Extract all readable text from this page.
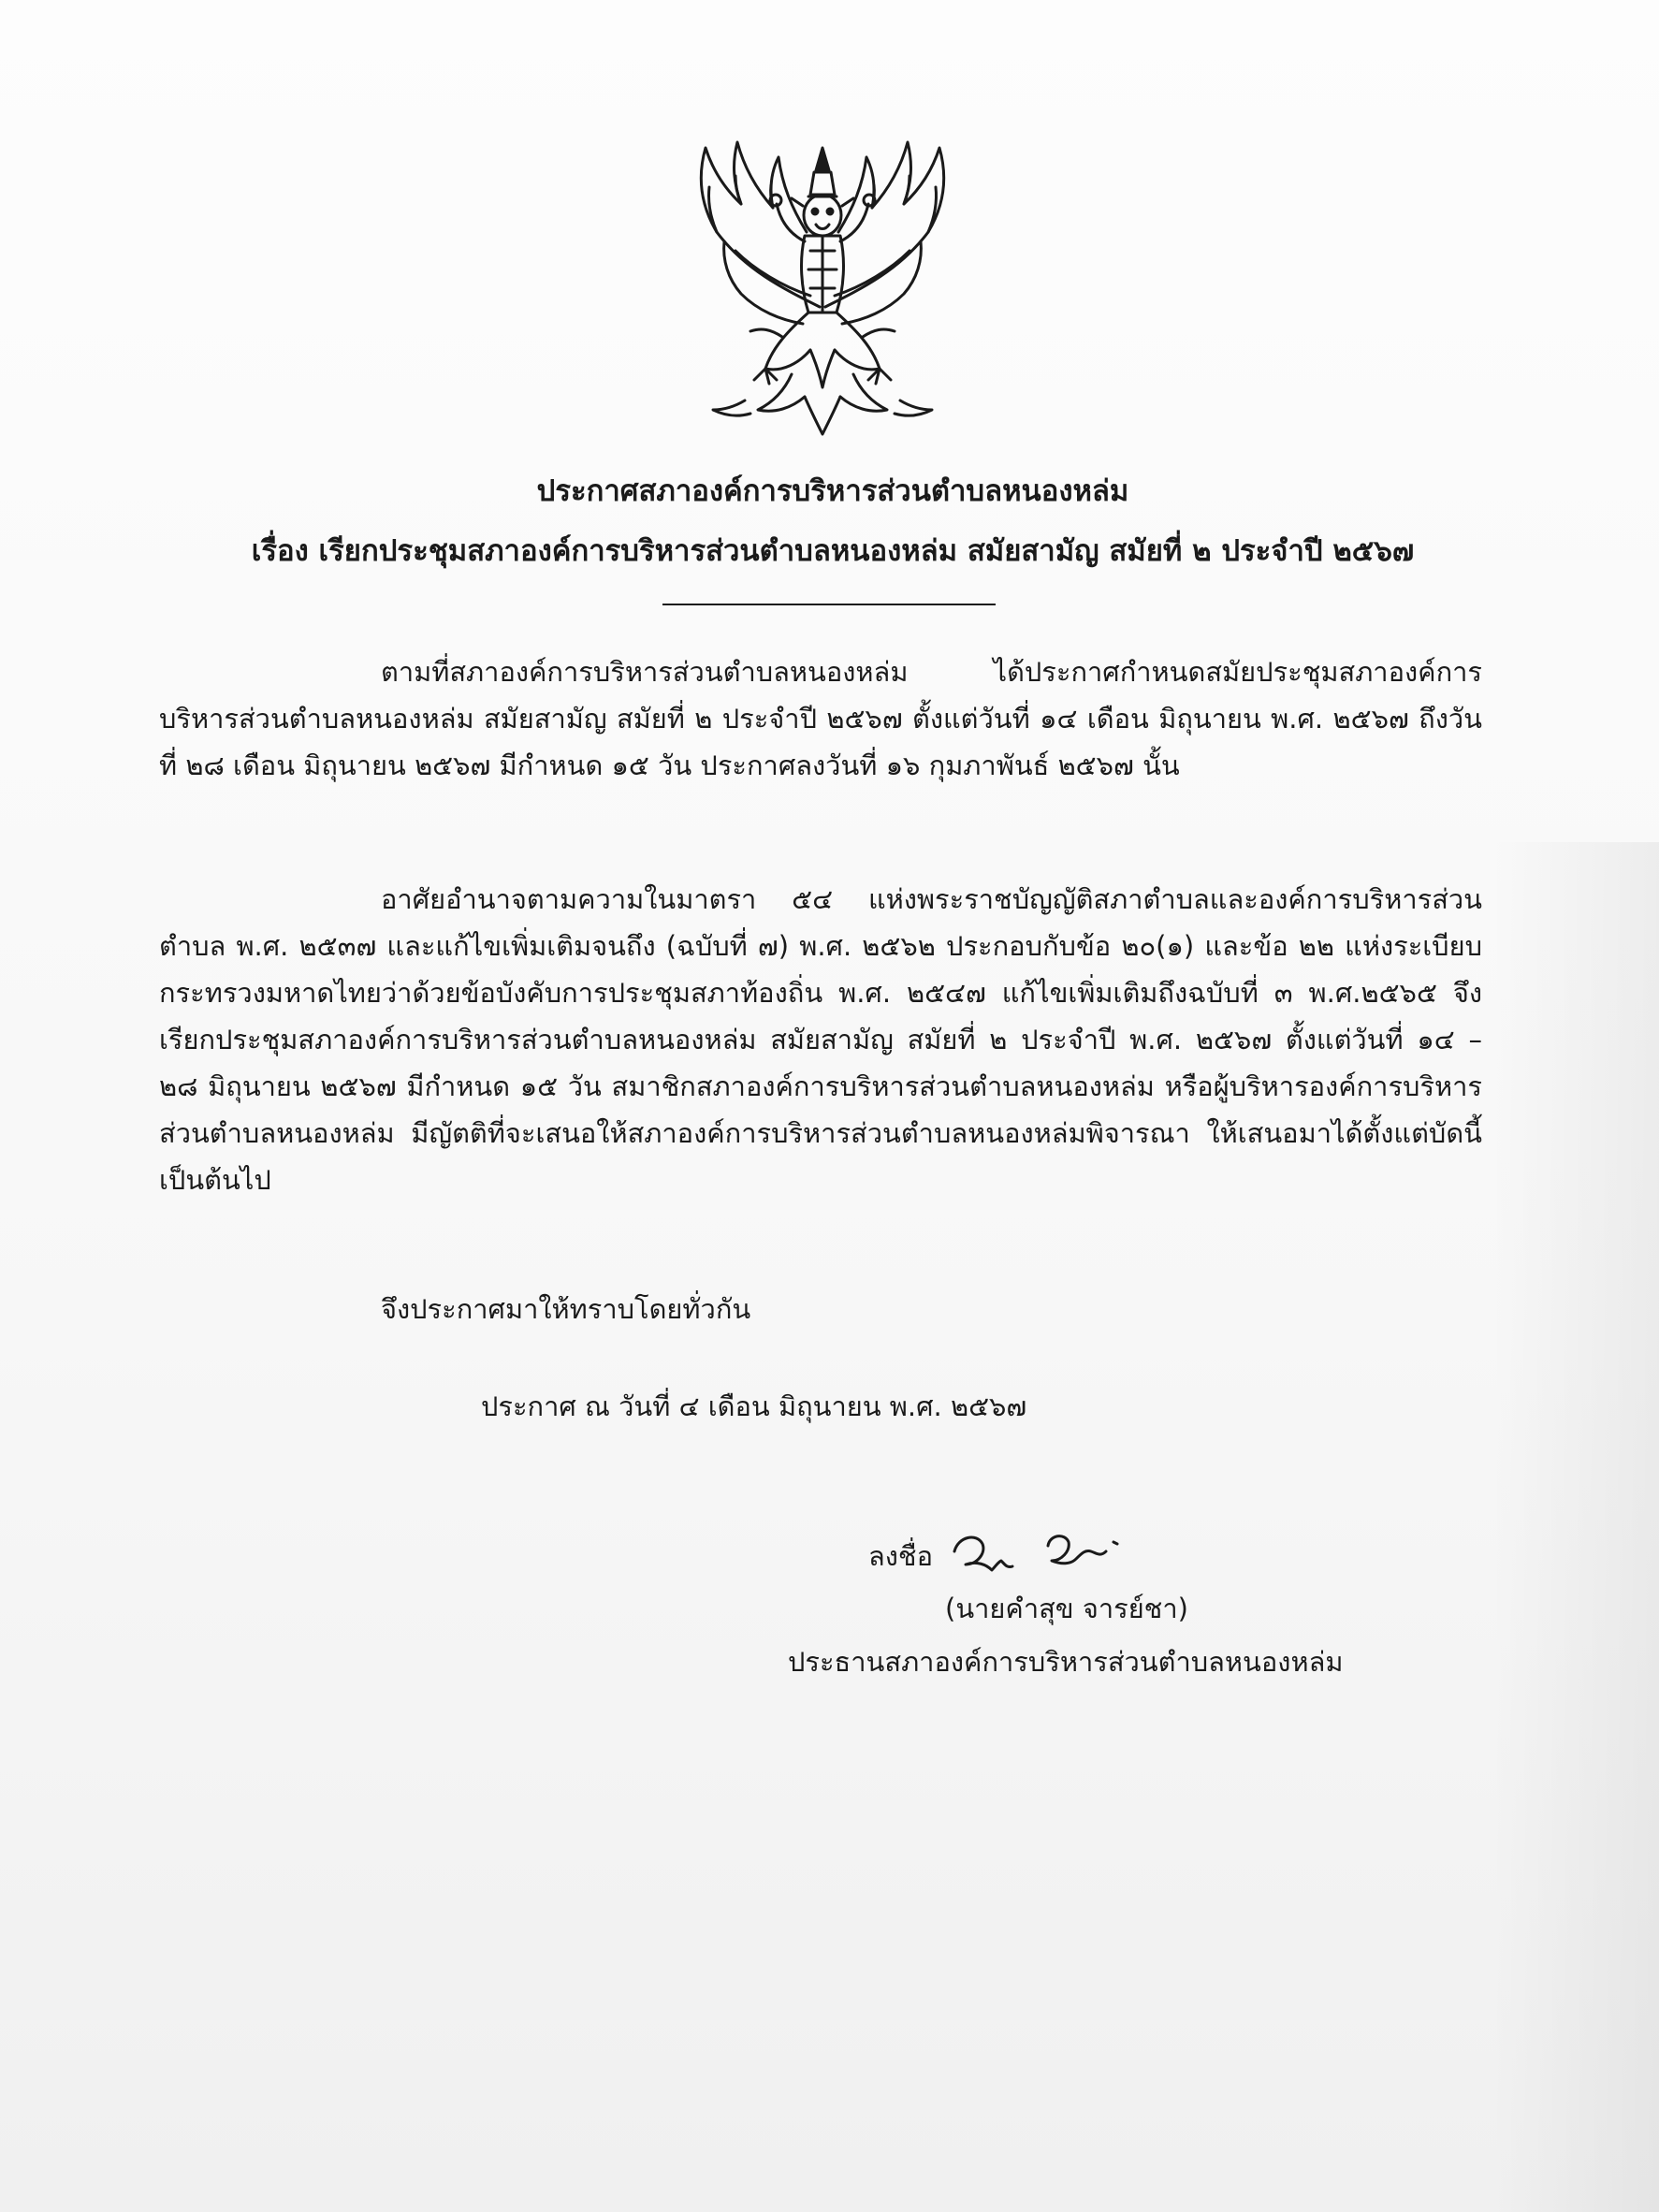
ประกาศสภาองค์การบริหารส่วนตำบลหนองหล่ม
เรื่อง เรียกประชุมสภาองค์การบริหารส่วนตำบลหนองหล่ม สมัยสามัญ สมัยที่ ๒ ประจำปี ๒๕๖๗

ตามที่สภาองค์การบริหารส่วนตำบลหนองหล่ม ได้ประกาศกำหนดสมัยประชุมสภาองค์การบริหารส่วนตำบลหนองหล่ม สมัยสามัญ สมัยที่ ๒ ประจำปี ๒๕๖๗ ตั้งแต่วันที่ ๑๔ เดือน มิถุนายน พ.ศ. ๒๕๖๗ ถึงวันที่ ๒๘ เดือน มิถุนายน ๒๕๖๗ มีกำหนด ๑๕ วัน ประกาศลงวันที่ ๑๖ กุมภาพันธ์ ๒๕๖๗ นั้น

อาศัยอำนาจตามความในมาตรา ๕๔ แห่งพระราชบัญญัติสภาตำบลและองค์การบริหารส่วนตำบล พ.ศ. ๒๕๓๗ และแก้ไขเพิ่มเติมจนถึง (ฉบับที่ ๗) พ.ศ. ๒๕๖๒ ประกอบกับข้อ ๒๐(๑) และข้อ ๒๒ แห่งระเบียบกระทรวงมหาดไทยว่าด้วยข้อบังคับการประชุมสภาท้องถิ่น พ.ศ. ๒๕๔๗ แก้ไขเพิ่มเติมถึงฉบับที่ ๓ พ.ศ.๒๕๖๕ จึงเรียกประชุมสภาองค์การบริหารส่วนตำบลหนองหล่ม สมัยสามัญ สมัยที่ ๒ ประจำปี พ.ศ. ๒๕๖๗ ตั้งแต่วันที่ ๑๔ – ๒๘ มิถุนายน ๒๕๖๗ มีกำหนด ๑๕ วัน สมาชิกสภาองค์การบริหารส่วนตำบลหนองหล่ม หรือผู้บริหารองค์การบริหารส่วนตำบลหนองหล่ม มีญัตติที่จะเสนอให้สภาองค์การบริหารส่วนตำบลหนองหล่มพิจารณา ให้เสนอมาได้ตั้งแต่บัดนี้เป็นต้นไป

จึงประกาศมาให้ทราบโดยทั่วกัน

ประกาศ ณ วันที่ ๔ เดือน มิถุนายน พ.ศ. ๒๕๖๗
ลงชื่อ
(นายคำสุข จารย์ชา)
ประธานสภาองค์การบริหารส่วนตำบลหนองหล่ม
